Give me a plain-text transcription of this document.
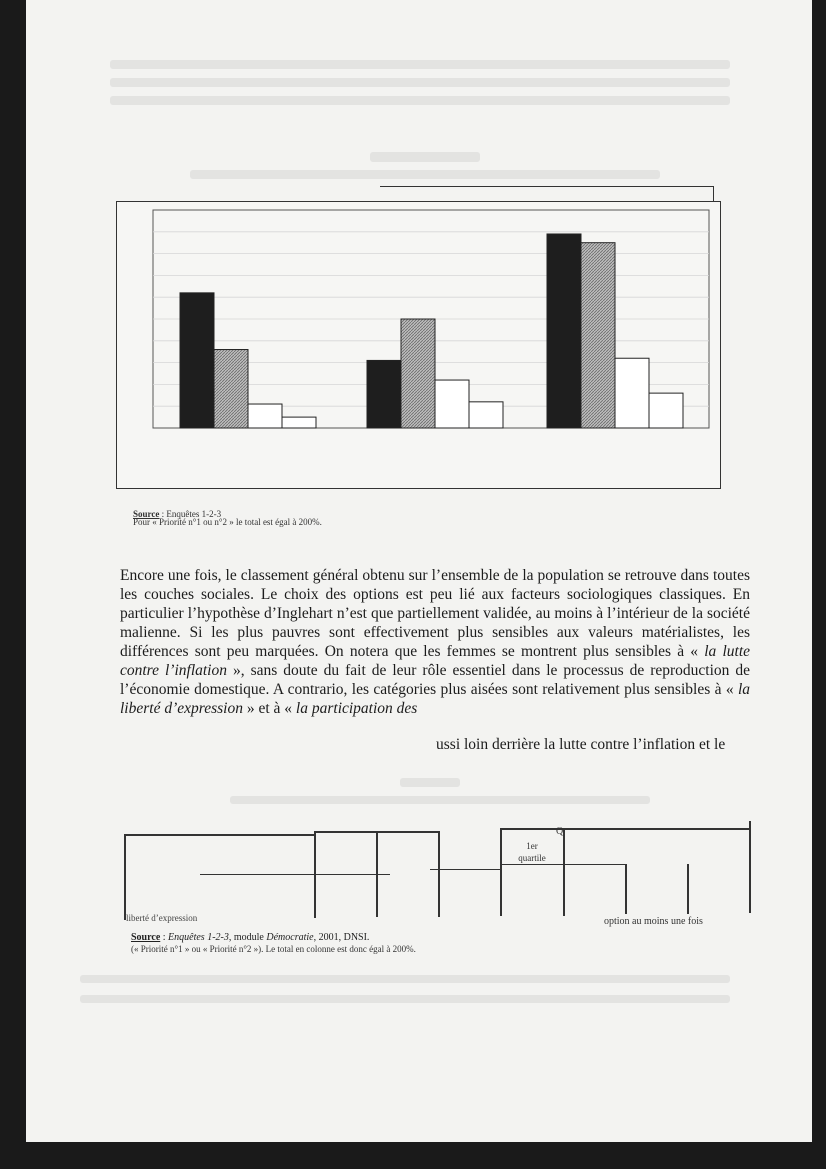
Source : Enquêtes 1-2-3
Pour « Priorité n°1 ou n°2 » le total est égal à 200%.

Encore une fois, le classement général obtenu sur l’ensemble de la population se retrouve dans toutes les couches sociales. Le choix des options est peu lié aux facteurs sociologiques classiques. En particulier l’hypothèse d’Inglehart n’est que partiellement validée, au moins à l’intérieur de la société malienne. Si les plus pauvres sont effectivement plus sensibles aux valeurs matérialistes, les différences sont peu marquées. On notera que les femmes se montrent plus sensibles à « la lutte contre l’inflation », sans doute du fait de leur rôle essentiel dans le processus de reproduction de l’économie domestique. A contrario, les catégories plus aisées sont relativement plus sensibles à « la liberté d’expression » et à « la participation des

ussi loin derrière la lutte contre l’inflation et le
Q
1er
quartile
liberté d’expression	option au moins une fois
Source : Enquêtes 1-2-3, module Démocratie, 2001, DNSI.
(« Priorité n°1 » ou « Priorité n°2 »). Le total en colonne est donc égal à 200%.
